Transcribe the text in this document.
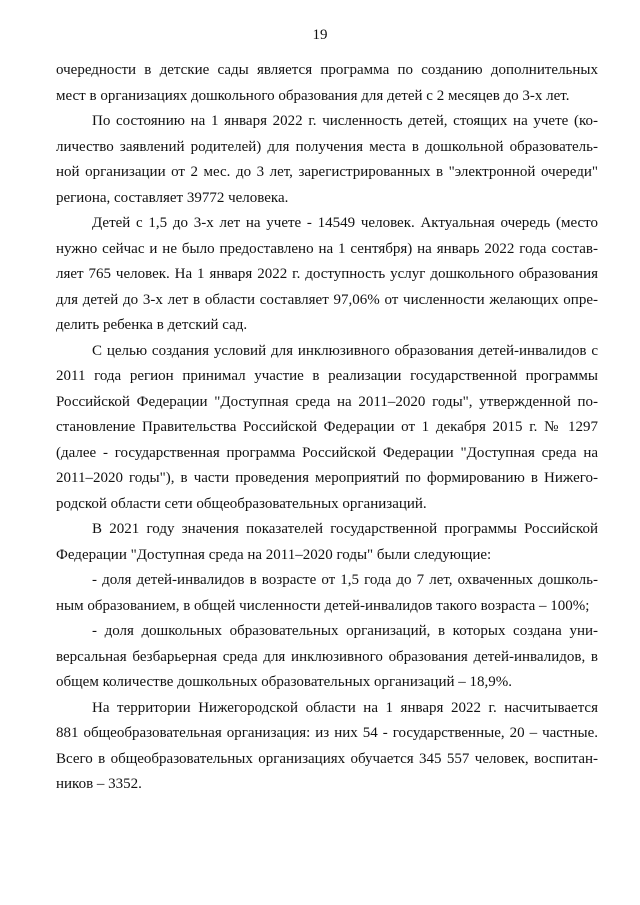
19
очередности в детские сады является программа по созданию дополнительных
мест в организациях дошкольного образования для детей с 2 месяцев до 3-х лет.
По состоянию на 1 января 2022 г. численность детей, стоящих на учете (ко-
личество заявлений родителей) для получения места в дошкольной образователь-
ной организации от 2 мес. до 3 лет, зарегистрированных в "электронной очереди"
региона, составляет 39772 человека.
Детей с 1,5 до 3-х лет на учете - 14549 человек. Актуальная очередь (место
нужно сейчас и не было предоставлено на 1 сентября) на январь 2022 года состав-
ляет 765 человек. На 1 января 2022 г. доступность услуг дошкольного образования
для детей до 3-х лет в области составляет 97,06% от численности желающих опре-
делить ребенка в детский сад.
С целью создания условий для инклюзивного образования детей-инвалидов с
2011 года регион принимал участие в реализации государственной программы
Российской Федерации "Доступная среда на 2011–2020 годы", утвержденной по-
становление Правительства Российской Федерации от 1 декабря 2015 г. № 1297
(далее - государственная программа Российской Федерации "Доступная среда на
2011–2020 годы"), в части проведения мероприятий по формированию в Нижего-
родской области сети общеобразовательных организаций.
В 2021 году значения показателей государственной программы Российской
Федерации "Доступная среда на 2011–2020 годы" были следующие:
- доля детей-инвалидов в возрасте от 1,5 года до 7 лет, охваченных дошколь-
ным образованием, в общей численности детей-инвалидов такого возраста – 100%;
- доля дошкольных образовательных организаций, в которых создана уни-
версальная безбарьерная среда для инклюзивного образования детей-инвалидов, в
общем количестве дошкольных образовательных организаций – 18,9%.
На территории Нижегородской области на 1 января 2022 г. насчитывается
881 общеобразовательная организация: из них 54 - государственные, 20 – частные.
Всего в общеобразовательных организациях обучается 345 557 человек, воспитан-
ников – 3352.
